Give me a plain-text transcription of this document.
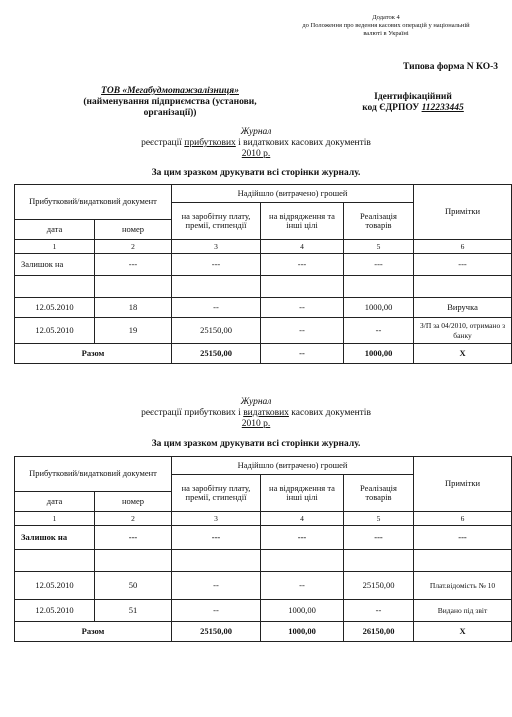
Додаток 4
до Положення про ведення касових операцій у національній
валюті в Україні
Типова форма N КО-3
ТОВ «Мегабудмотажзалізниця»
(найменування підприємства (установи, організації))
Ідентифікаційний
код ЄДРПОУ 112233445
Журнал
реєстрації прибуткових і видаткових касових документів
2010 р.
За цим зразком друкувати всі сторінки журналу.
Прибутковий/видатковий документ		Надійшло (витрачено) грошей			Примітки
		на заробітну плату, премії, стипендії	на відрядження та інші цілі	Реалізація товарів	
дата	номер				
1	2	3	4	5	6
Залишок на	---	---	---	---	---

12.05.2010	18	--	--	1000,00	Виручка
12.05.2010	19	25150,00	--	--	З/П за 04/2010, отримано з банку
Разом		25150,00	--	1000,00	X
Журнал
реєстрації прибуткових і видаткових касових документів
2010 р.
За цим зразком друкувати всі сторінки журналу.
Прибутковий/видатковий документ		Надійшло (витрачено) грошей			Примітки
		на заробітну плату, премії, стипендії	на відрядження та інші цілі	Реалізація товарів	
дата	номер				
1	2	3	4	5	6
Залишок на	---	---	---	---	---

12.05.2010	50	--	--	25150,00	Плат.відомість № 10
12.05.2010	51	--	1000,00	--	Видано під звіт
Разом		25150,00	1000,00	26150,00	X
